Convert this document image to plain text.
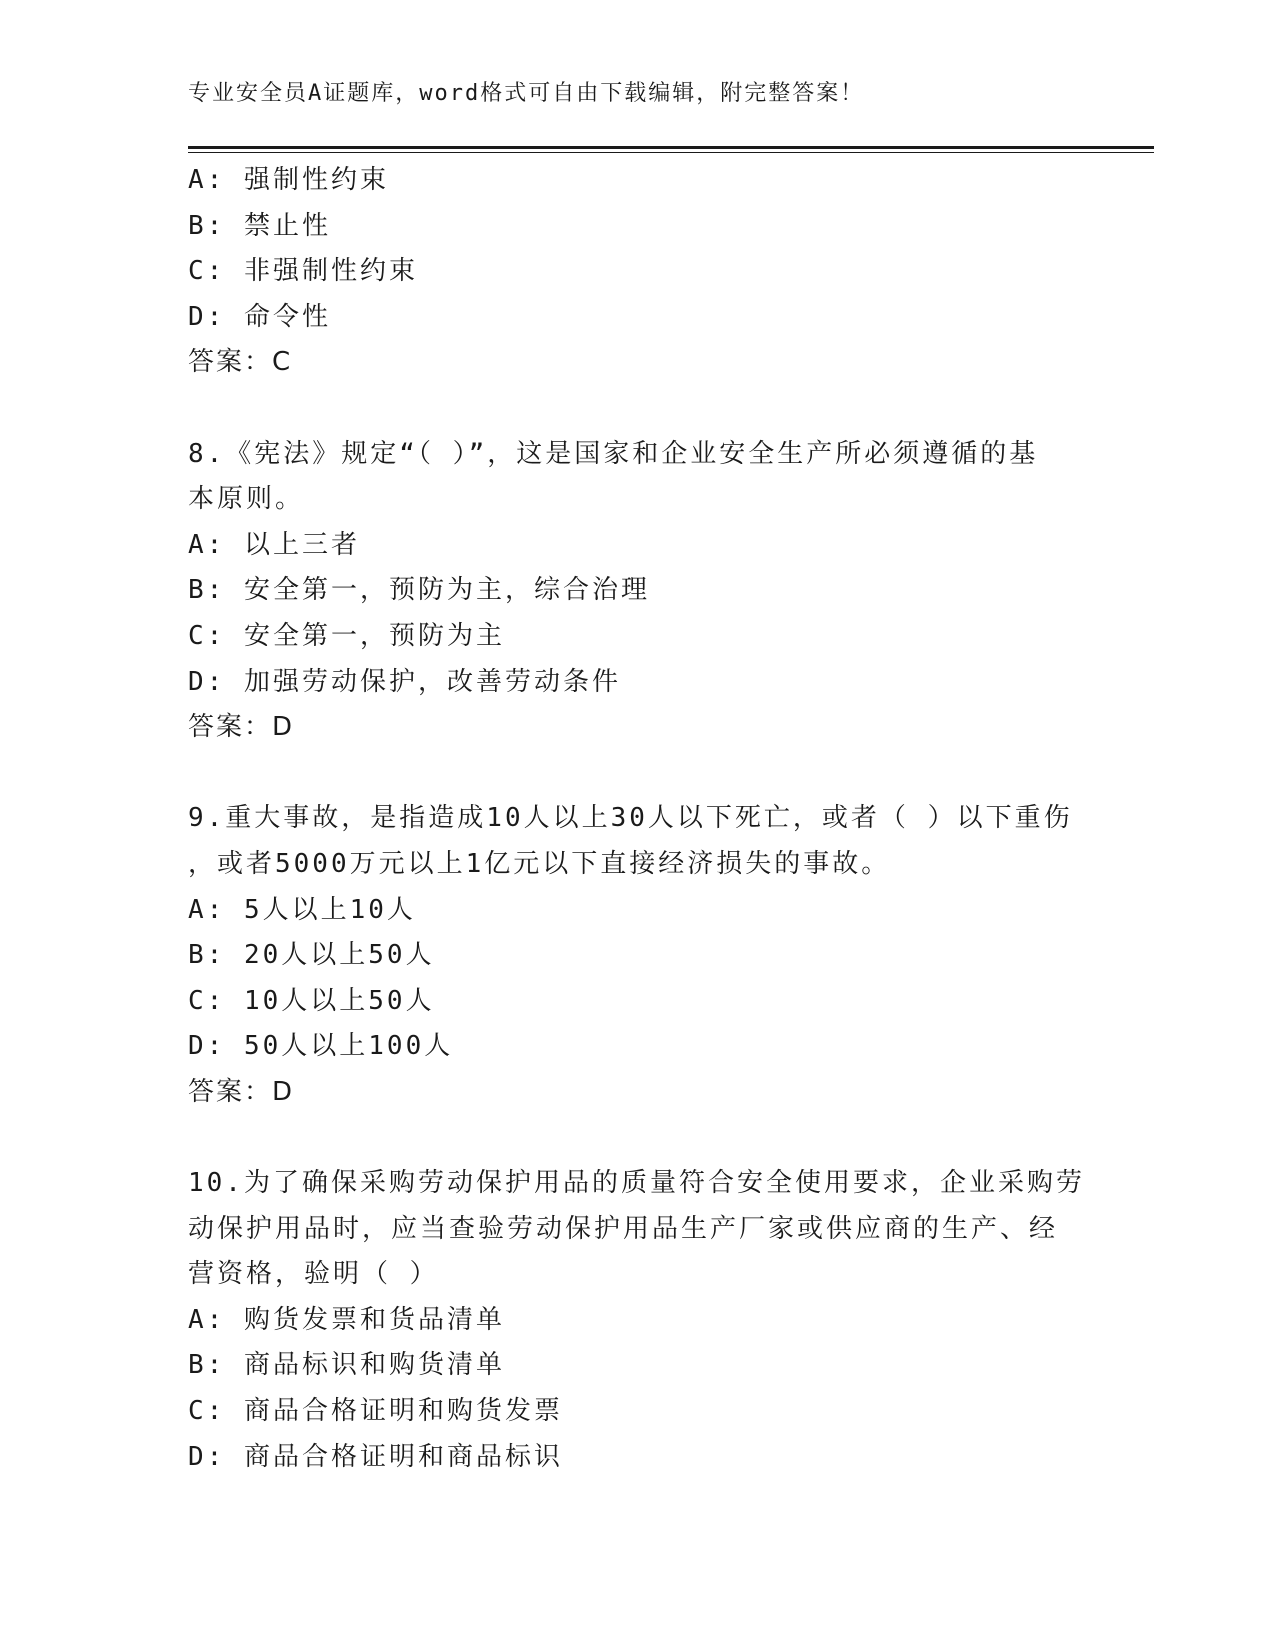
专业安全员A证题库，word格式可自由下载编辑，附完整答案！
A: 强制性约束
B: 禁止性
C: 非强制性约束
D: 命令性
答案：C
8.《宪法》规定“（ ）”，这是国家和企业安全生产所必须遵循的基
本原则。
A: 以上三者
B: 安全第一，预防为主，综合治理
C: 安全第一，预防为主
D: 加强劳动保护，改善劳动条件
答案：D
9.重大事故，是指造成10人以上30人以下死亡，或者（ ）以下重伤
，或者5000万元以上1亿元以下直接经济损失的事故。
A: 5人以上10人
B: 20人以上50人
C: 10人以上50人
D: 50人以上100人
答案：D
10.为了确保采购劳动保护用品的质量符合安全使用要求，企业采购劳
动保护用品时，应当查验劳动保护用品生产厂家或供应商的生产、经
营资格，验明（ ）
A: 购货发票和货品清单
B: 商品标识和购货清单
C: 商品合格证明和购货发票
D: 商品合格证明和商品标识
